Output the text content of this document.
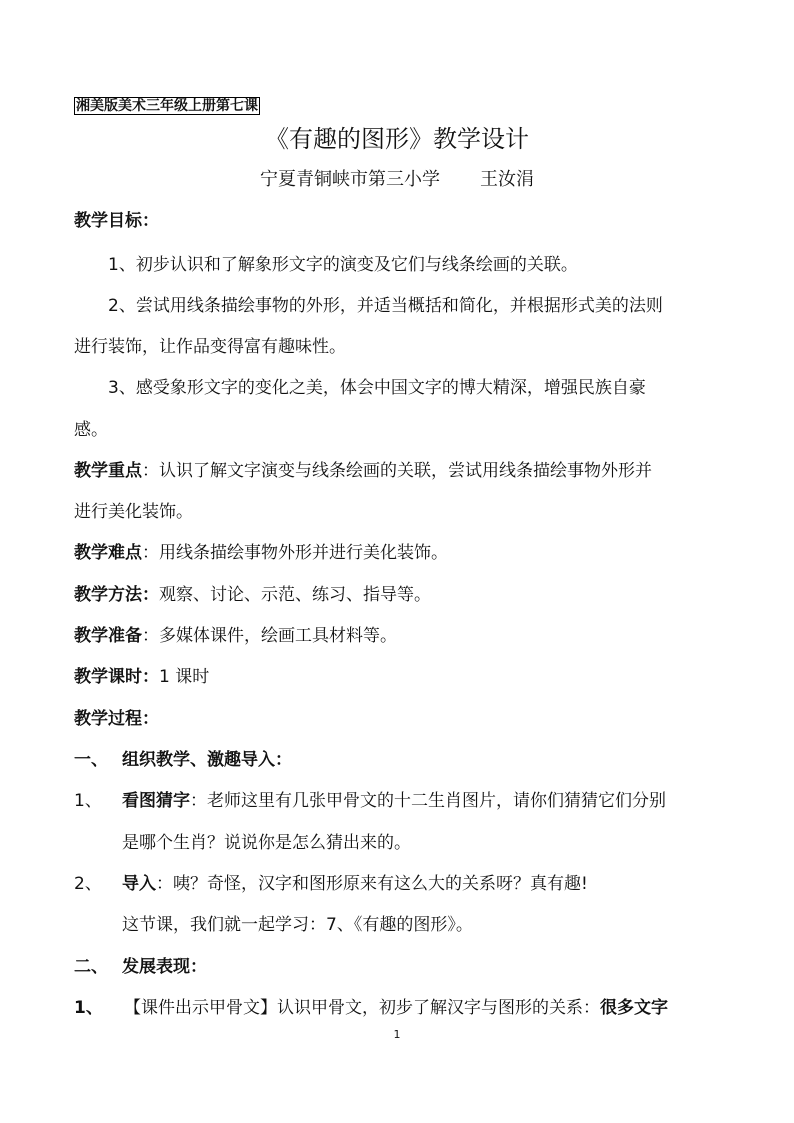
湘美版美术三年级上册第七课
《有趣的图形》教学设计
宁夏青铜峡市第三小学 王汝涓
教学目标：
1、初步认识和了解象形文字的演变及它们与线条绘画的关联。
2、尝试用线条描绘事物的外形，并适当概括和简化，并根据形式美的法则
进行装饰，让作品变得富有趣味性。
3、感受象形文字的变化之美，体会中国文字的博大精深，增强民族自豪
感。
教学重点：认识了解文字演变与线条绘画的关联，尝试用线条描绘事物外形并
进行美化装饰。
教学难点：用线条描绘事物外形并进行美化装饰。
教学方法：观察、讨论、示范、练习、指导等。
教学准备：多媒体课件，绘画工具材料等。
教学课时：1 课时
教学过程：
一、 组织教学、激趣导入：
1、 看图猜字：老师这里有几张甲骨文的十二生肖图片，请你们猜猜它们分别
是哪个生肖？说说你是怎么猜出来的。
2、 导入：咦？奇怪，汉字和图形原来有这么大的关系呀？真有趣!
这节课，我们就一起学习：7、《有趣的图形》。
二、 发展表现：
1、 【课件出示甲骨文】认识甲骨文，初步了解汉字与图形的关系：很多文字
1
